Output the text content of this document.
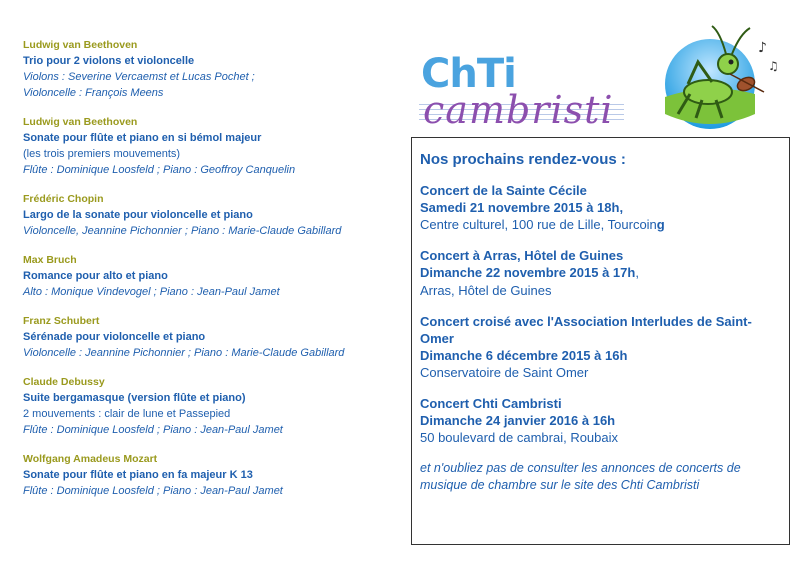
Ludwig van Beethoven
Trio pour 2 violons et violoncelle
Violons : Severine Vercaemst et Lucas Pochet ;
Violoncelle : François Meens
Ludwig van Beethoven
Sonate pour flûte et piano en si bémol majeur
(les trois premiers mouvements)
Flûte : Dominique Loosfeld ; Piano : Geoffroy Canquelin
Frédéric Chopin
Largo de la sonate pour violoncelle et piano
Violoncelle, Jeannine Pichonnier ; Piano : Marie-Claude Gabillard
Max Bruch
Romance pour alto et piano
Alto : Monique Vindevogel ; Piano : Jean-Paul Jamet
Franz Schubert
Sérénade pour violoncelle et piano
Violoncelle : Jeannine Pichonnier ; Piano : Marie-Claude Gabillard
Claude Debussy
Suite bergamasque (version flûte et piano)
2 mouvements : clair de lune et Passepied
Flûte : Dominique Loosfeld ; Piano : Jean-Paul Jamet
Wolfgang Amadeus Mozart
Sonate pour flûte et piano en fa majeur K 13
Flûte : Dominique Loosfeld ; Piano : Jean-Paul Jamet
ChTi
cambristi
♪
♫
Nos prochains rendez-vous :
Concert de la Sainte Cécile
Samedi 21 novembre 2015 à 18h,
Centre culturel, 100 rue de Lille, Tourcoing
Concert à Arras, Hôtel de Guines
Dimanche 22 novembre 2015 à 17h,
Arras, Hôtel de Guines
Concert croisé avec l'Association Interludes de Saint-Omer
Dimanche 6 décembre 2015 à 16h
Conservatoire de Saint Omer
Concert Chti Cambristi
Dimanche 24 janvier 2016 à 16h
50 boulevard de cambrai, Roubaix
et n'oubliez pas de consulter les annonces de concerts de musique de chambre sur le site des Chti Cambristi
